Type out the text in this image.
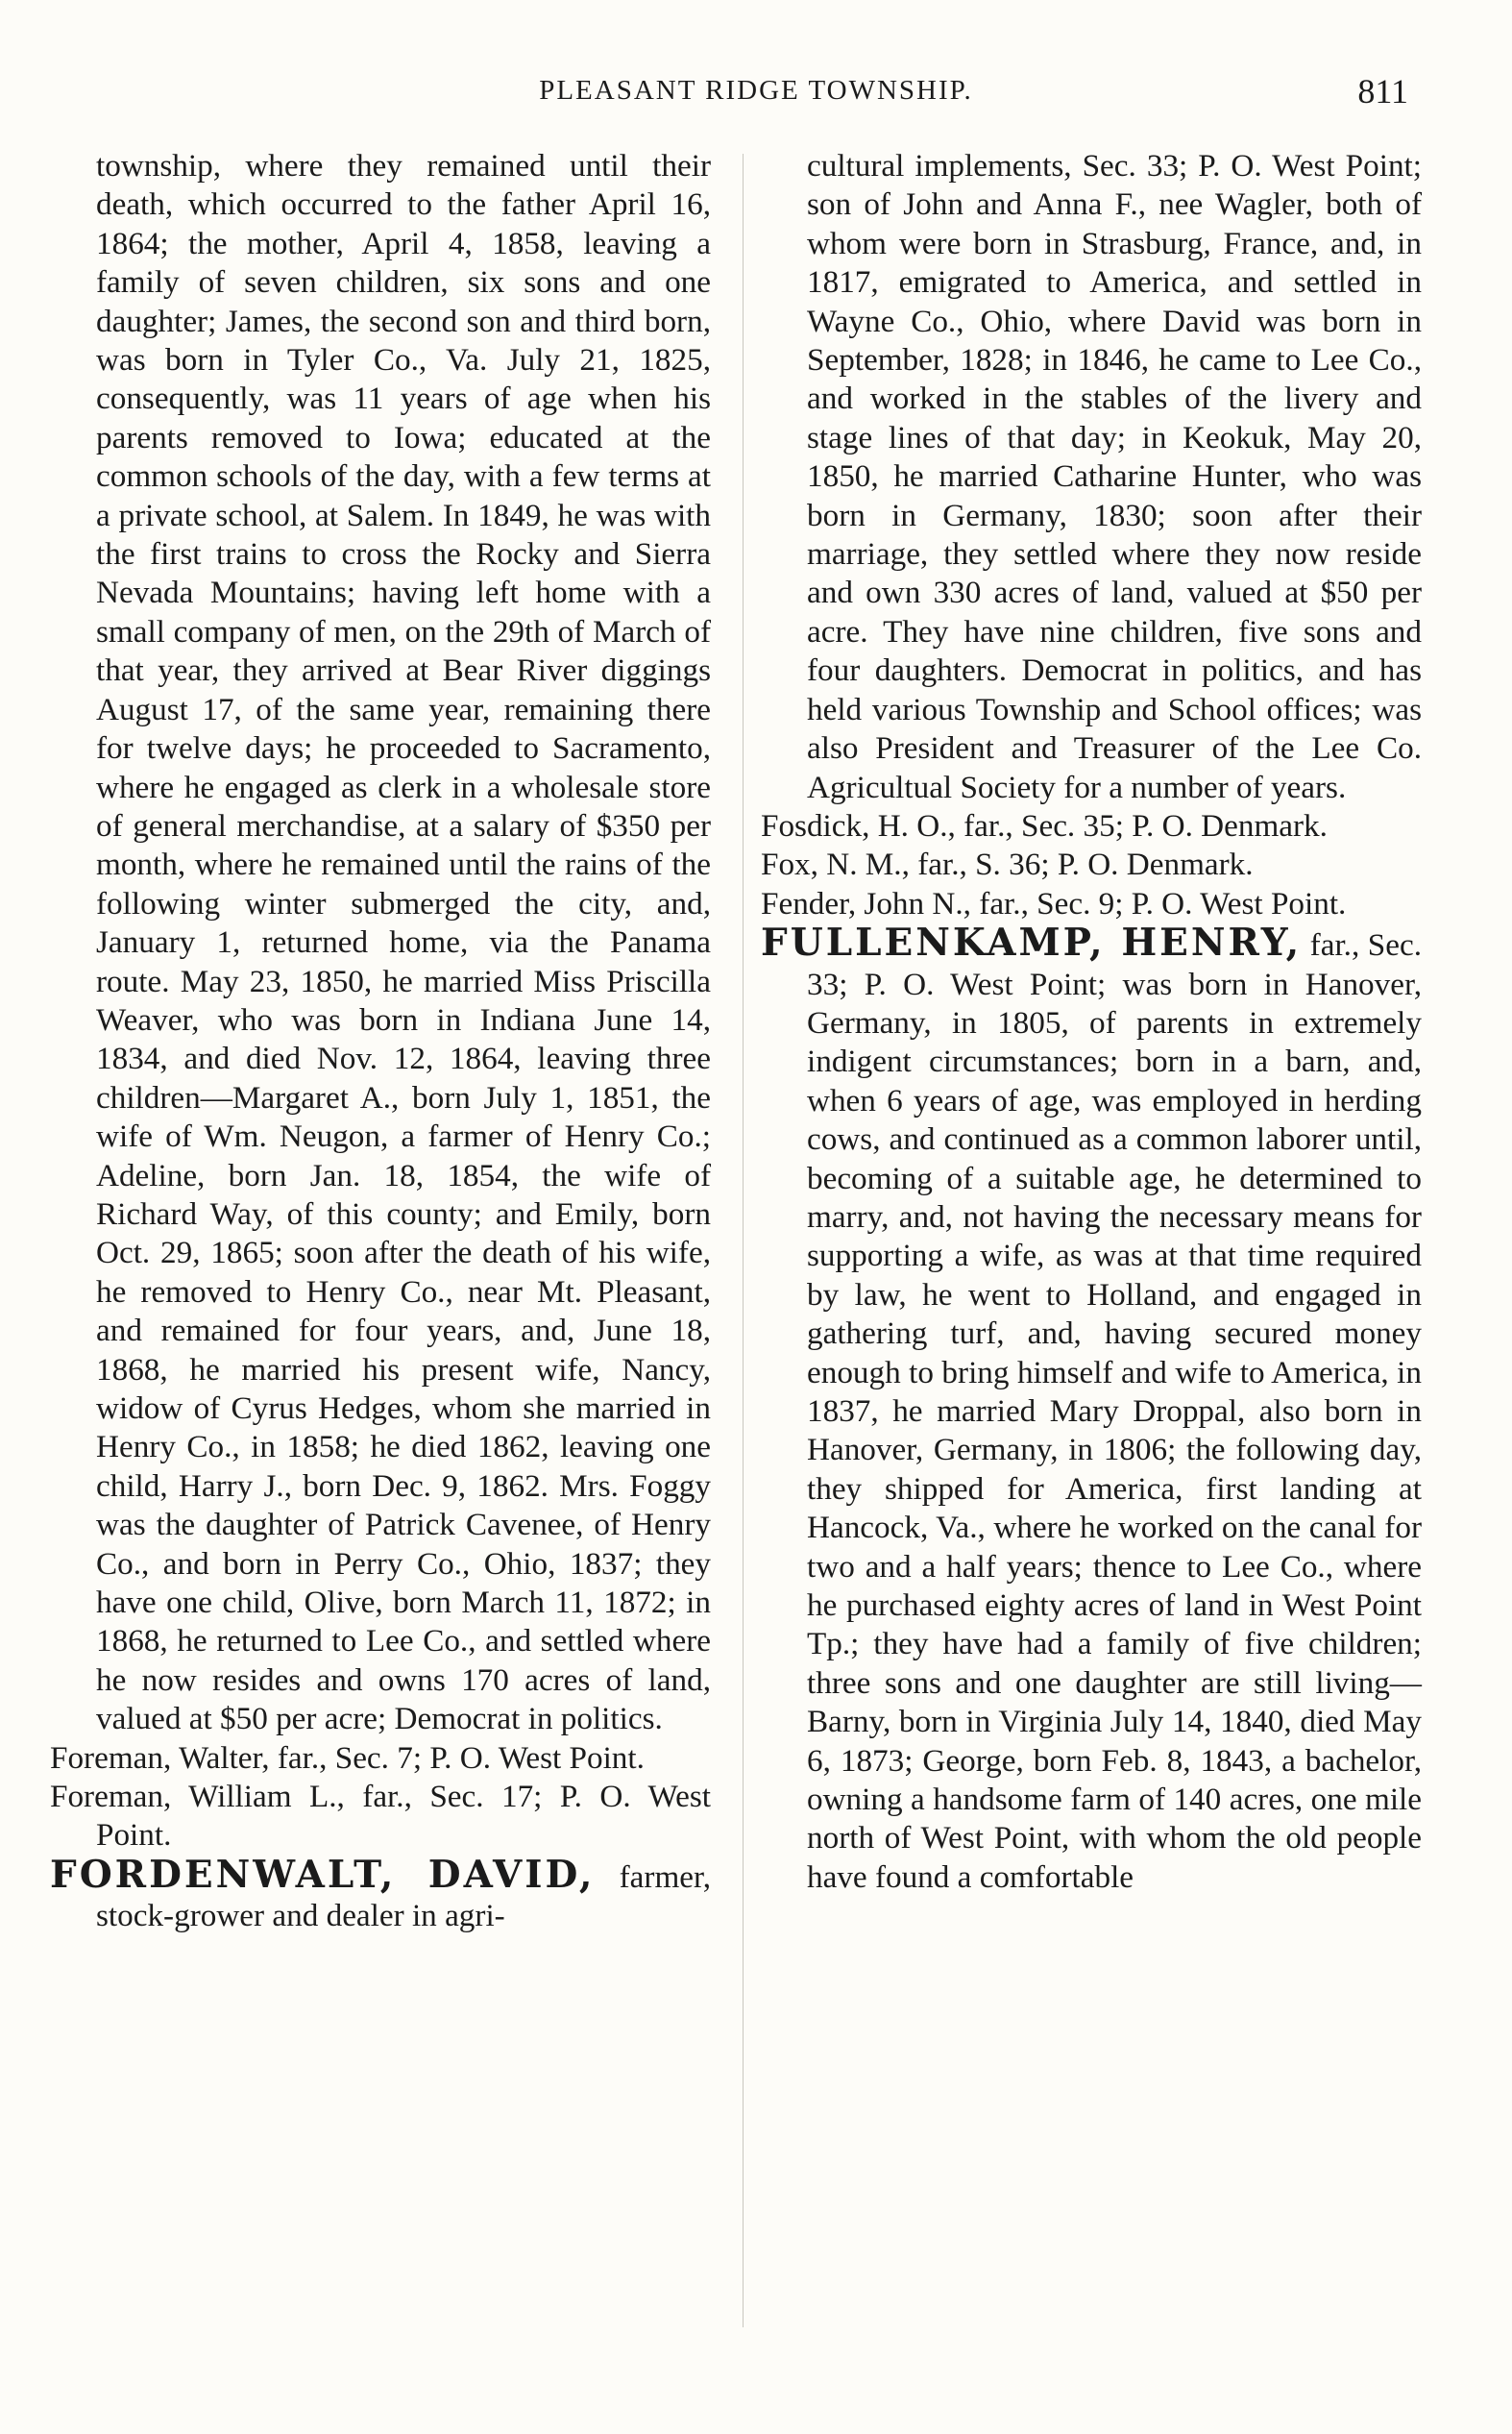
PLEASANT RIDGE TOWNSHIP.	811

township, where they remained until their death, which occurred to the father April 16, 1864; the mother, April 4, 1858, leaving a family of seven children, six sons and one daughter; James, the second son and third born, was born in Tyler Co., Va. July 21, 1825, consequently, was 11 years of age when his parents removed to Iowa; educated at the common schools of the day, with a few terms at a private school, at Salem. In 1849, he was with the first trains to cross the Rocky and Sierra Nevada Mountains; having left home with a small company of men, on the 29th of March of that year, they arrived at Bear River diggings August 17, of the same year, remaining there for twelve days; he proceeded to Sacramento, where he engaged as clerk in a wholesale store of general merchandise, at a salary of $350 per month, where he remained until the rains of the following winter submerged the city, and, January 1, returned home, via the Panama route. May 23, 1850, he married Miss Priscilla Weaver, who was born in Indiana June 14, 1834, and died Nov. 12, 1864, leaving three children—Margaret A., born July 1, 1851, the wife of Wm. Neugon, a farmer of Henry Co.; Adeline, born Jan. 18, 1854, the wife of Richard Way, of this county; and Emily, born Oct. 29, 1865; soon after the death of his wife, he removed to Henry Co., near Mt. Pleasant, and remained for four years, and, June 18, 1868, he married his present wife, Nancy, widow of Cyrus Hedges, whom she married in Henry Co., in 1858; he died 1862, leaving one child, Harry J., born Dec. 9, 1862. Mrs. Foggy was the daughter of Patrick Cavenee, of Henry Co., and born in Perry Co., Ohio, 1837; they have one child, Olive, born March 11, 1872; in 1868, he returned to Lee Co., and settled where he now resides and owns 170 acres of land, valued at $50 per acre; Democrat in politics.

Foreman, Walter, far., Sec. 7; P. O. West Point.

Foreman, William L., far., Sec. 17; P. O. West Point.

FORDENWALT, DAVID, farmer, stock-grower and dealer in agri-

cultural implements, Sec. 33; P. O. West Point; son of John and Anna F., nee Wagler, both of whom were born in Strasburg, France, and, in 1817, emigrated to America, and settled in Wayne Co., Ohio, where David was born in September, 1828; in 1846, he came to Lee Co., and worked in the stables of the livery and stage lines of that day; in Keokuk, May 20, 1850, he married Catharine Hunter, who was born in Germany, 1830; soon after their marriage, they settled where they now reside and own 330 acres of land, valued at $50 per acre. They have nine children, five sons and four daughters. Democrat in politics, and has held various Township and School offices; was also President and Treasurer of the Lee Co. Agricultual Society for a number of years.

Fosdick, H. O., far., Sec. 35; P. O. Denmark.

Fox, N. M., far., S. 36; P. O. Denmark.

Fender, John N., far., Sec. 9; P. O. West Point.

FULLENKAMP, HENRY, far., Sec. 33; P. O. West Point; was born in Hanover, Germany, in 1805, of parents in extremely indigent circumstances; born in a barn, and, when 6 years of age, was employed in herding cows, and continued as a common laborer until, becoming of a suitable age, he determined to marry, and, not having the necessary means for supporting a wife, as was at that time required by law, he went to Holland, and engaged in gathering turf, and, having secured money enough to bring himself and wife to America, in 1837, he married Mary Droppal, also born in Hanover, Germany, in 1806; the following day, they shipped for America, first landing at Hancock, Va., where he worked on the canal for two and a half years; thence to Lee Co., where he purchased eighty acres of land in West Point Tp.; they have had a family of five children; three sons and one daughter are still living—Barny, born in Virginia July 14, 1840, died May 6, 1873; George, born Feb. 8, 1843, a bachelor, owning a handsome farm of 140 acres, one mile north of West Point, with whom the old people have found a comfortable
